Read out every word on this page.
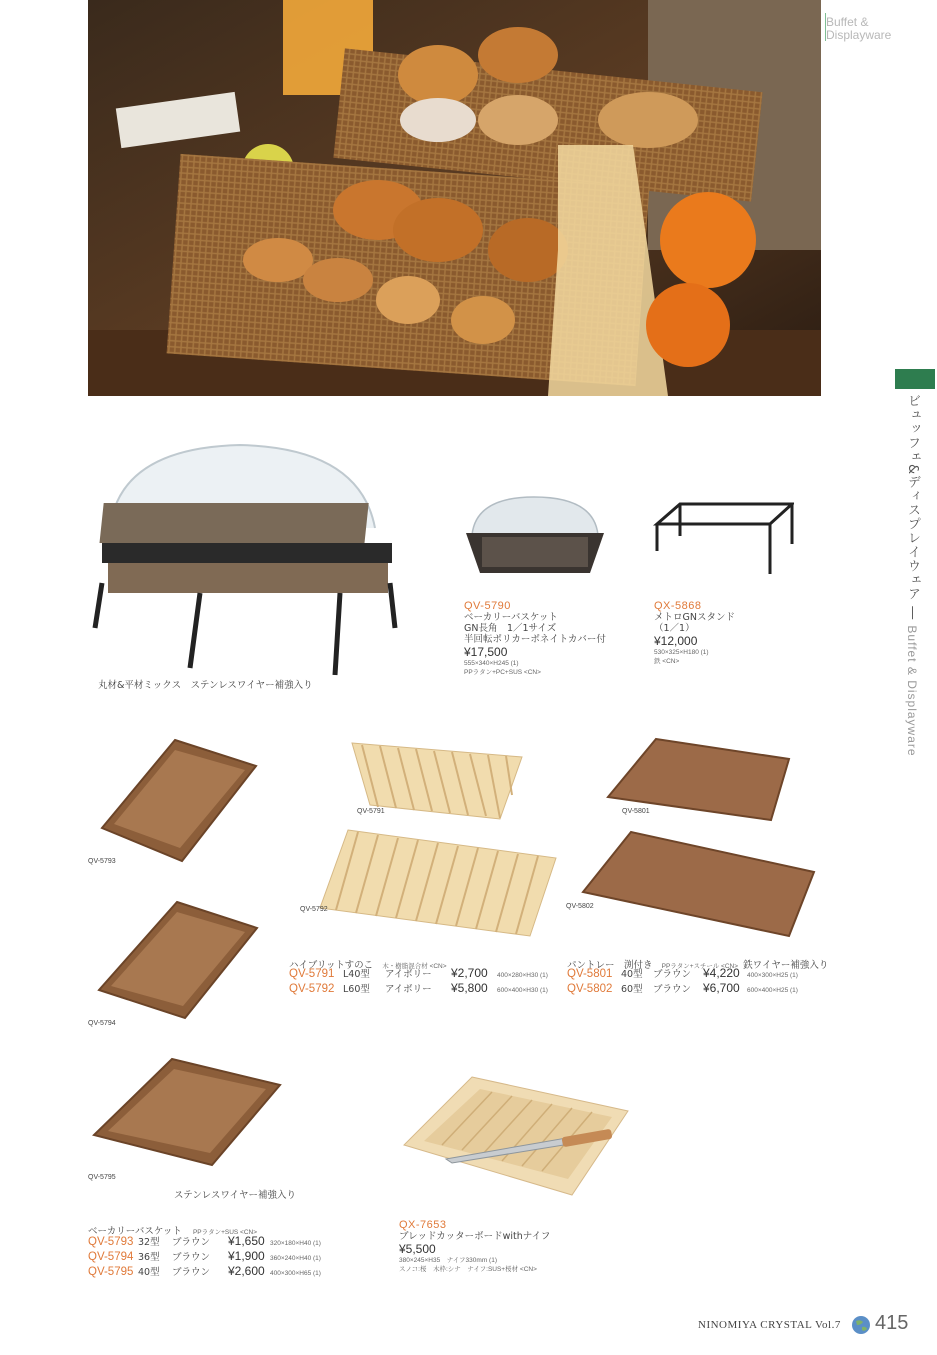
Buffet &
Displayware
ビュッフェ&ディスプレイウェア ― Buffet & Displayware
丸材&平材ミックス　ステンレスワイヤー補強入り
QV-5790
ベーカリーバスケット
GN長角　1／1サイズ
半回転ポリカーボネイトカバー付
¥17,500
555×340×H245 (1)
PPラタン+PC+SUS <CN>
QX-5868
メトロGNスタンド
（1／1）
¥12,000
530×325×H180 (1)
鉄 <CN>
QV-5793
QV-5794
QV-5795
ステンレスワイヤー補強入り
QV-5791
QV-5792
QV-5801
QV-5802
ハイブリットすのこ 木・樹脂混合材 <CN>
QV-5791 L40型	アイボリー	¥2,700	400×280×H30 (1)
QV-5792 L60型	アイボリー	¥5,800	600×400×H30 (1)
パントレー　渕付き PPラタン+スチール <CN> 鉄ワイヤー補強入り
QV-5801 40型	ブラウン ¥4,220 400×300×H25 (1)
QV-5802 60型	ブラウン ¥6,700 600×400×H25 (1)
QX-7653
ブレッドカッターボードwithナイフ
¥5,500
380×245×H35　ナイフ330mm (1)
スノコ:桜　木枠:シナ　ナイフ:SUS+桜材 <CN>
ベーカリーバスケット PPラタン+SUS <CN>
QV-5793 32型	ブラウン	¥1,650 320×180×H40 (1)
QV-5794 36型	ブラウン	¥1,900 360×240×H40 (1)
QV-5795 40型	ブラウン	¥2,600 400×300×H65 (1)
NINOMIYA CRYSTAL Vol.7 415
